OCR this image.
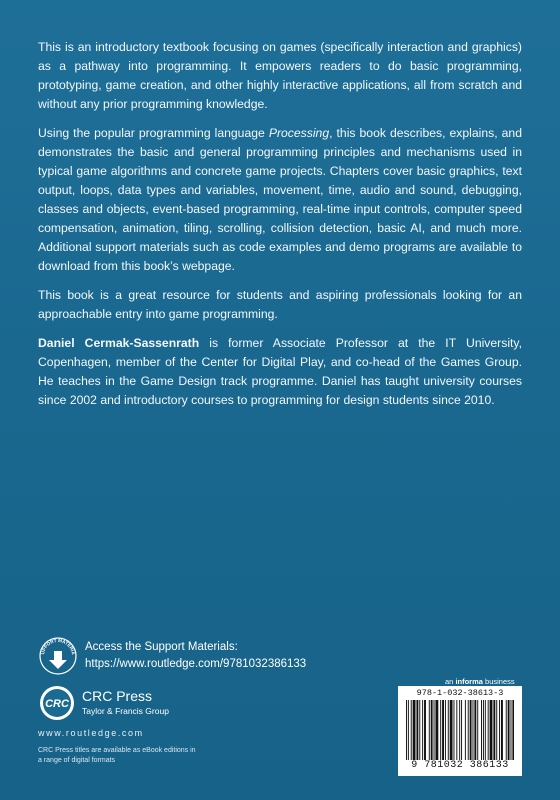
This is an introductory textbook focusing on games (specifically interaction and graphics) as a pathway into programming. It empowers readers to do basic programming, prototyping, game creation, and other highly interactive applications, all from scratch and without any prior programming knowledge.

Using the popular programming language Processing, this book describes, explains, and demonstrates the basic and general programming principles and mechanisms used in typical game algorithms and concrete game projects. Chapters cover basic graphics, text output, loops, data types and variables, movement, time, audio and sound, debugging, classes and objects, event-based programming, real-time input controls, computer speed compensation, animation, tiling, scrolling, collision detection, basic AI, and much more. Additional support materials such as code examples and demo programs are available to download from this book’s webpage.

This book is a great resource for students and aspiring professionals looking for an approachable entry into game programming.

Daniel Cermak-Sassenrath is former Associate Professor at the IT University, Copenhagen, member of the Center for Digital Play, and co-head of the Games Group. He teaches in the Game Design track programme. Daniel has taught university courses since 2002 and introductory courses to programming for design students since 2010.

UPPORT MATERIA Access the Support Materials:
https://www.routledge.com/9781032386133
CRC CRC Press
Taylor & Francis Group
www.routledge.com
CRC Press titles are available as eBook editions in a range of digital formats
an informa business
978-1-032-38613-3
9 781032 386133
